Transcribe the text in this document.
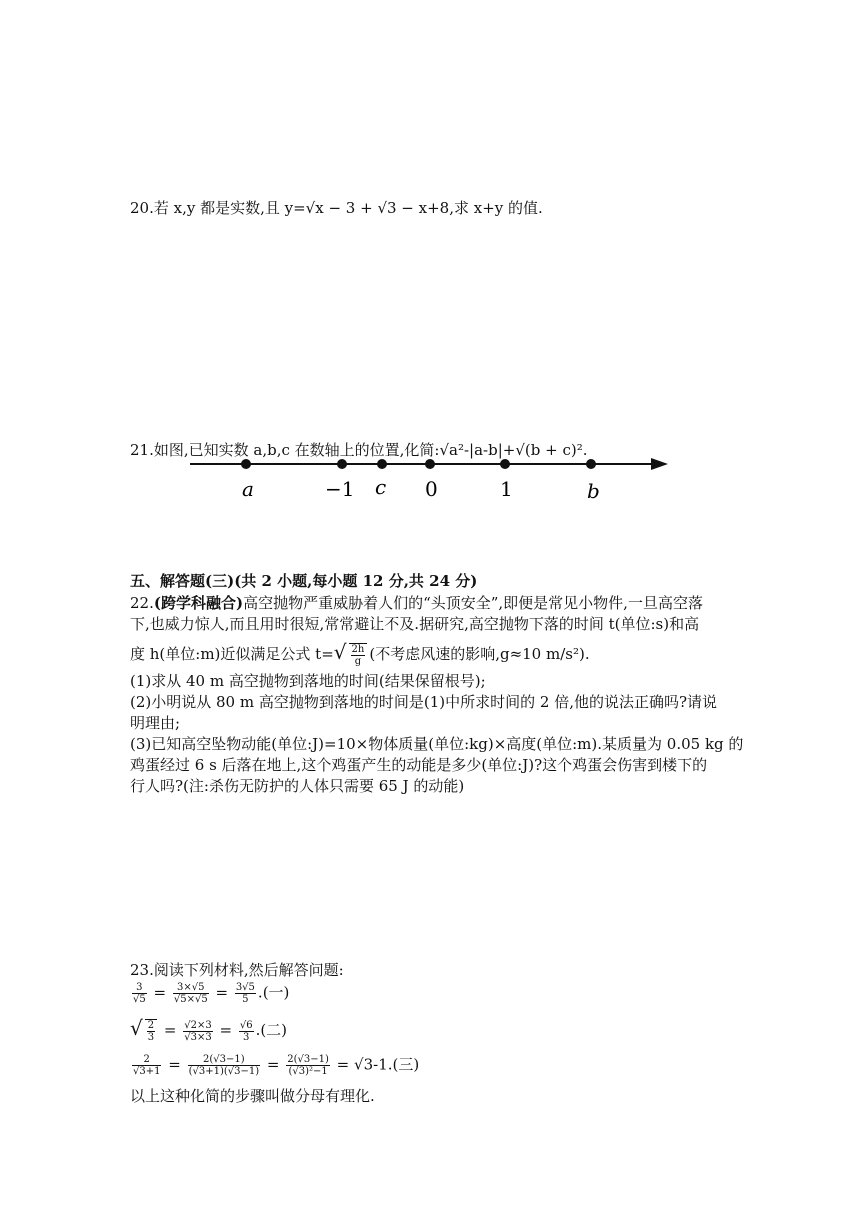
20.若 x,y 都是实数,且 y=√x − 3 + √3 − x+8,求 x+y 的值.
21.如图,已知实数 a,b,c 在数轴上的位置,化简:√a²-|a-b|+√(b + c)².
a	−1 c 0	1	b
五、解答题(三)(共 2 小题,每小题 12 分,共 24 分)
22.(跨学科融合)高空抛物严重威胁着人们的“头顶安全”,即便是常见小物件,一旦高空落
下,也威力惊人,而且用时很短,常常避让不及.据研究,高空抛物下落的时间 t(单位:s)和高
度 h(单位:m)近似满足公式 $t=√ \frac{2h}{g}$ (不考虑风速的影响,g≈10 m/s²).
(1)求从 40 m 高空抛物到落地的时间(结果保留根号);
(2)小明说从 80 m 高空抛物到落地的时间是(1)中所求时间的 2 倍,他的说法正确吗?请说
明理由;
(3)已知高空坠物动能(单位:J)=10×物体质量(单位:kg)×高度(单位:m).某质量为 0.05 kg 的
鸡蛋经过 6 s 后落在地上,这个鸡蛋产生的动能是多少(单位:J)?这个鸡蛋会伤害到楼下的
行人吗?(注:杀伤无防护的人体只需要 65 J 的动能)
23.阅读下列材料,然后解答问题:
$\frac{3}{√5} = \frac{3\times√5}{√5\times√5} = \frac{3√5}{5}$ .(一)
√ $\frac{2}{3} = \frac{√2\times 3}{√3\times 3} = \frac{√6}{3}$ .(二)
$\frac{2}{√3+1} = \frac{2(√3-1)}{(√3+1)(√3-1)} = \frac{2(√3-1)}{\text{(√3)²−1}} = √3-1$.(三)
以上这种化简的步骤叫做分母有理化.
